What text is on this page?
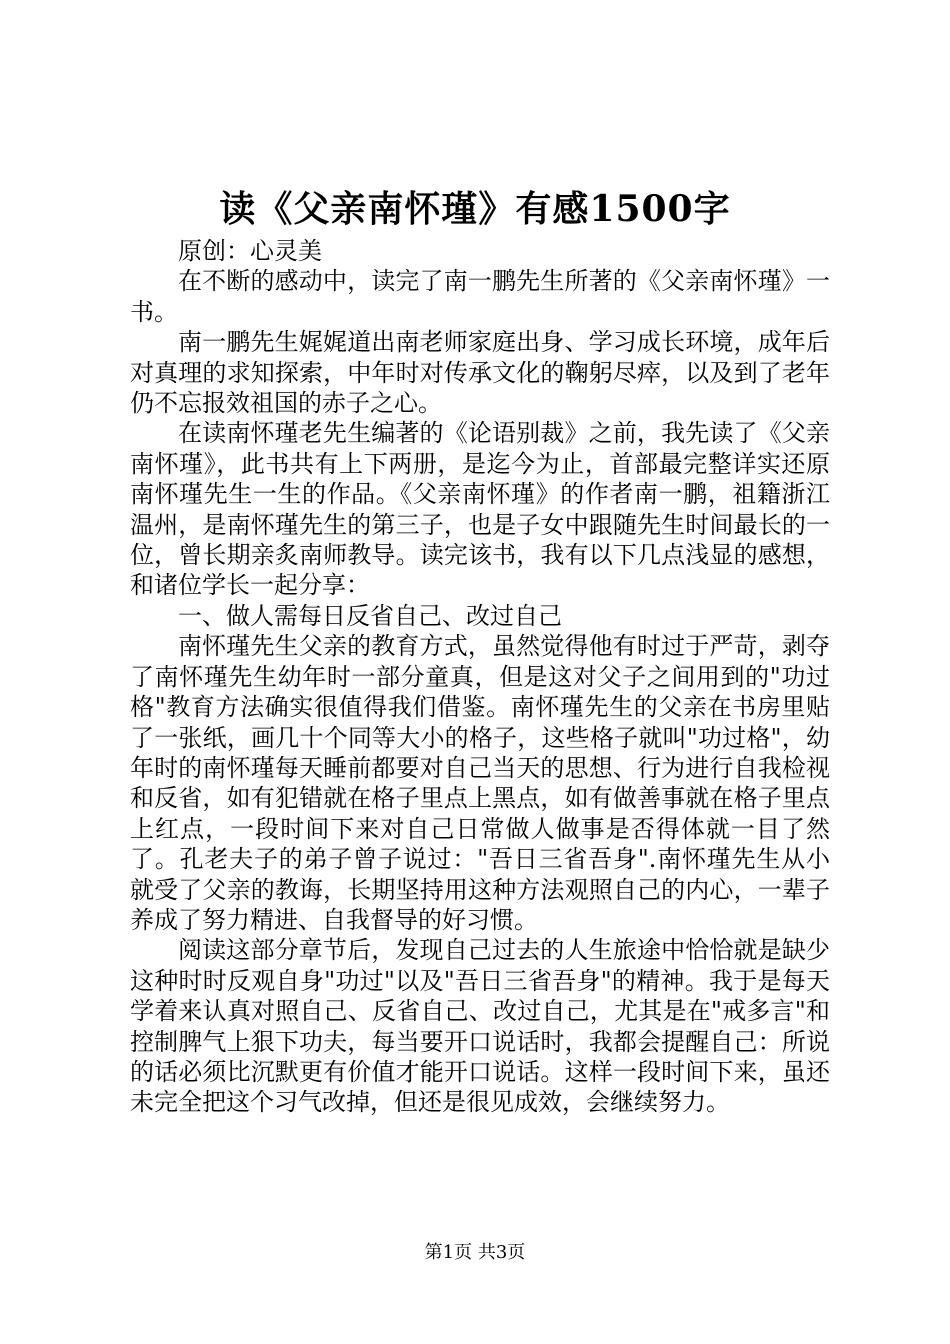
读《父亲南怀瑾》有感1500字

原创：心灵美

在不断的感动中，读完了南一鹏先生所著的《父亲南怀瑾》一书。

南一鹏先生娓娓道出南老师家庭出身、学习成长环境，成年后对真理的求知探索，中年时对传承文化的鞠躬尽瘁，以及到了老年仍不忘报效祖国的赤子之心。

在读南怀瑾老先生编著的《论语别裁》之前，我先读了《父亲南怀瑾》，此书共有上下两册，是迄今为止，首部最完整详实还原南怀瑾先生一生的作品。《父亲南怀瑾》的作者南一鹏，祖籍浙江温州，是南怀瑾先生的第三子，也是子女中跟随先生时间最长的一位，曾长期亲炙南师教导。读完该书，我有以下几点浅显的感想，和诸位学长一起分享：

一、做人需每日反省自己、改过自己

南怀瑾先生父亲的教育方式，虽然觉得他有时过于严苛，剥夺了南怀瑾先生幼年时一部分童真，但是这对父子之间用到的"功过格"教育方法确实很值得我们借鉴。南怀瑾先生的父亲在书房里贴了一张纸，画几十个同等大小的格子，这些格子就叫"功过格"，幼年时的南怀瑾每天睡前都要对自己当天的思想、行为进行自我检视和反省，如有犯错就在格子里点上黑点，如有做善事就在格子里点上红点，一段时间下来对自己日常做人做事是否得体就一目了然了。孔老夫子的弟子曾子说过："吾日三省吾身".南怀瑾先生从小就受了父亲的教诲，长期坚持用这种方法观照自己的内心，一辈子养成了努力精进、自我督导的好习惯。

阅读这部分章节后，发现自己过去的人生旅途中恰恰就是缺少这种时时反观自身"功过"以及"吾日三省吾身"的精神。我于是每天学着来认真对照自己、反省自己、改过自己，尤其是在"戒多言"和控制脾气上狠下功夫，每当要开口说话时，我都会提醒自己：所说的话必须比沉默更有价值才能开口说话。这样一段时间下来，虽还未完全把这个习气改掉，但还是很见成效，会继续努力。

第1页 共3页
